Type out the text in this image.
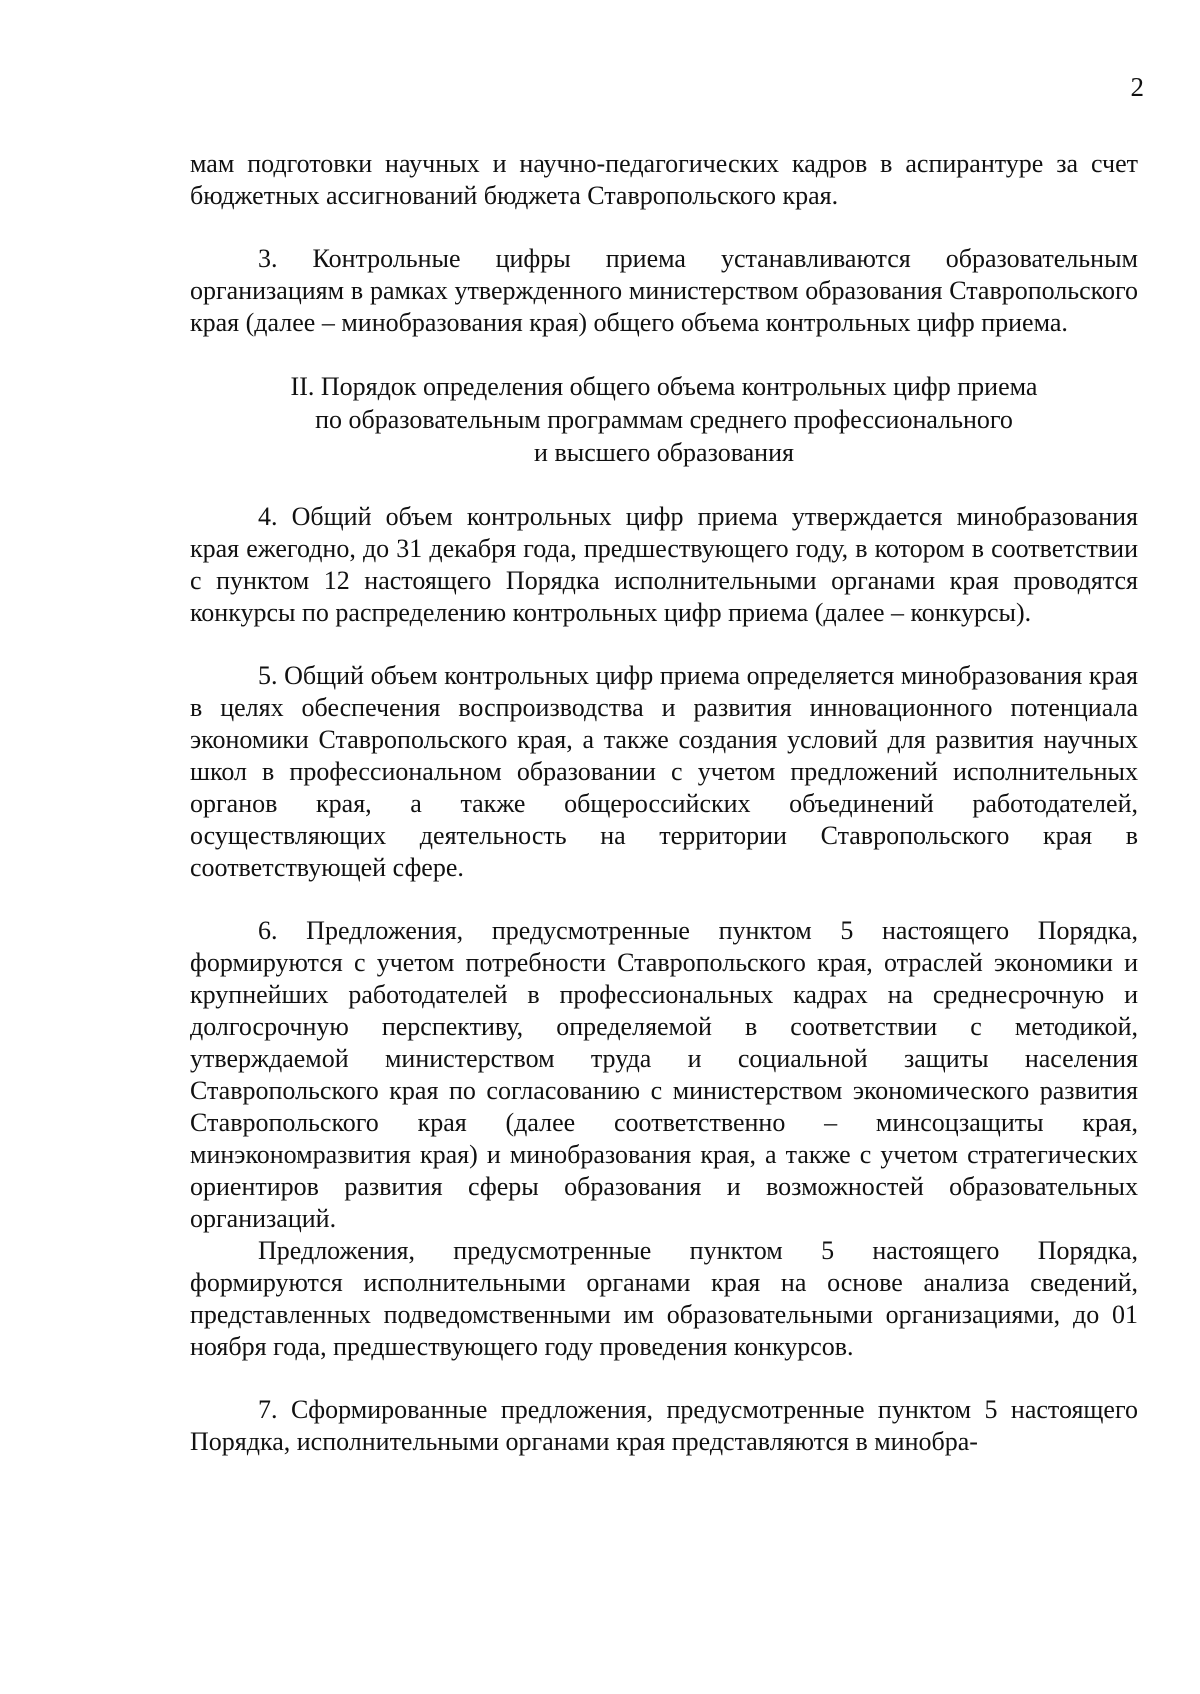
2

мам подготовки научных и научно-педагогических кадров в аспирантуре за счет бюджетных ассигнований бюджета Ставропольского края.

3. Контрольные цифры приема устанавливаются образовательным организациям в рамках утвержденного министерством образования Ставропольского края (далее – минобразования края) общего объема контрольных цифр приема.

II. Порядок определения общего объема контрольных цифр приема
по образовательным программам среднего профессионального
и высшего образования

4. Общий объем контрольных цифр приема утверждается минобразования края ежегодно, до 31 декабря года, предшествующего году, в котором в соответствии с пунктом 12 настоящего Порядка исполнительными органами края проводятся конкурсы по распределению контрольных цифр приема (далее – конкурсы).

5. Общий объем контрольных цифр приема определяется минобразования края в целях обеспечения воспроизводства и развития инновационного потенциала экономики Ставропольского края, а также создания условий для развития научных школ в профессиональном образовании с учетом предложений исполнительных органов края, а также общероссийских объединений работодателей, осуществляющих деятельность на территории Ставропольского края в соответствующей сфере.

6. Предложения, предусмотренные пунктом 5 настоящего Порядка, формируются с учетом потребности Ставропольского края, отраслей экономики и крупнейших работодателей в профессиональных кадрах на среднесрочную и долгосрочную перспективу, определяемой в соответствии с методикой, утверждаемой министерством труда и социальной защиты населения Ставропольского края по согласованию с министерством экономического развития Ставропольского края (далее соответственно – минсоцзащиты края, минэкономразвития края) и минобразования края, а также с учетом стратегических ориентиров развития сферы образования и возможностей образовательных организаций.

Предложения, предусмотренные пунктом 5 настоящего Порядка, формируются исполнительными органами края на основе анализа сведений, представленных подведомственными им образовательными организациями, до 01 ноября года, предшествующего году проведения конкурсов.

7. Сформированные предложения, предусмотренные пунктом 5 настоящего Порядка, исполнительными органами края представляются в минобра-
